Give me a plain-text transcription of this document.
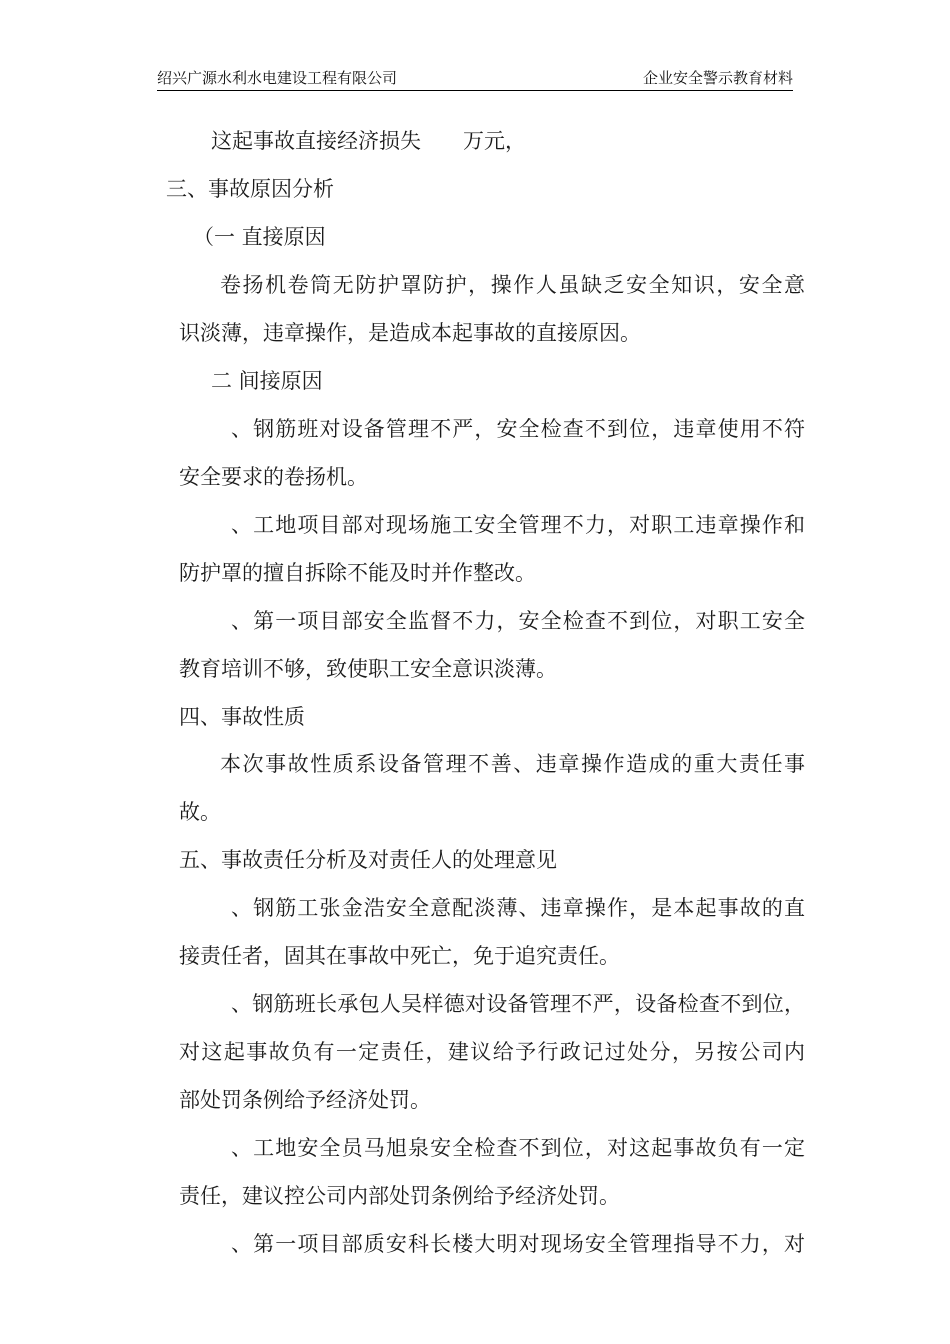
绍兴广源水利水电建设工程有限公司	企业安全警示教育材料
这起事故直接经济损失　　万元，
三、事故原因分析
（一 直接原因
卷扬机卷筒无防护罩防护，操作人虽缺乏安全知识，安全意
识淡薄，违章操作，是造成本起事故的直接原因。
二 间接原因
、钢筋班对设备管理不严，安全检查不到位，违章使用不符
安全要求的卷扬机。
、工地项目部对现场施工安全管理不力，对职工违章操作和
防护罩的擅自拆除不能及时并作整改。
、第一项目部安全监督不力，安全检查不到位，对职工安全
教育培训不够，致使职工安全意识淡薄。
四、事故性质
本次事故性质系设备管理不善、违章操作造成的重大责任事
故。
五、事故责任分析及对责任人的处理意见
、钢筋工张金浩安全意配淡薄、违章操作，是本起事故的直
接责任者，固其在事故中死亡，免于追究责任。
、钢筋班长承包人吴样德对设备管理不严，设备检查不到位，
对这起事故负有一定责任，建议给予行政记过处分，另按公司内
部处罚条例给予经济处罚。
、工地安全员马旭泉安全检查不到位，对这起事故负有一定
责任，建议控公司内部处罚条例给予经济处罚。
、第一项目部质安科长楼大明对现场安全管理指导不力，对
